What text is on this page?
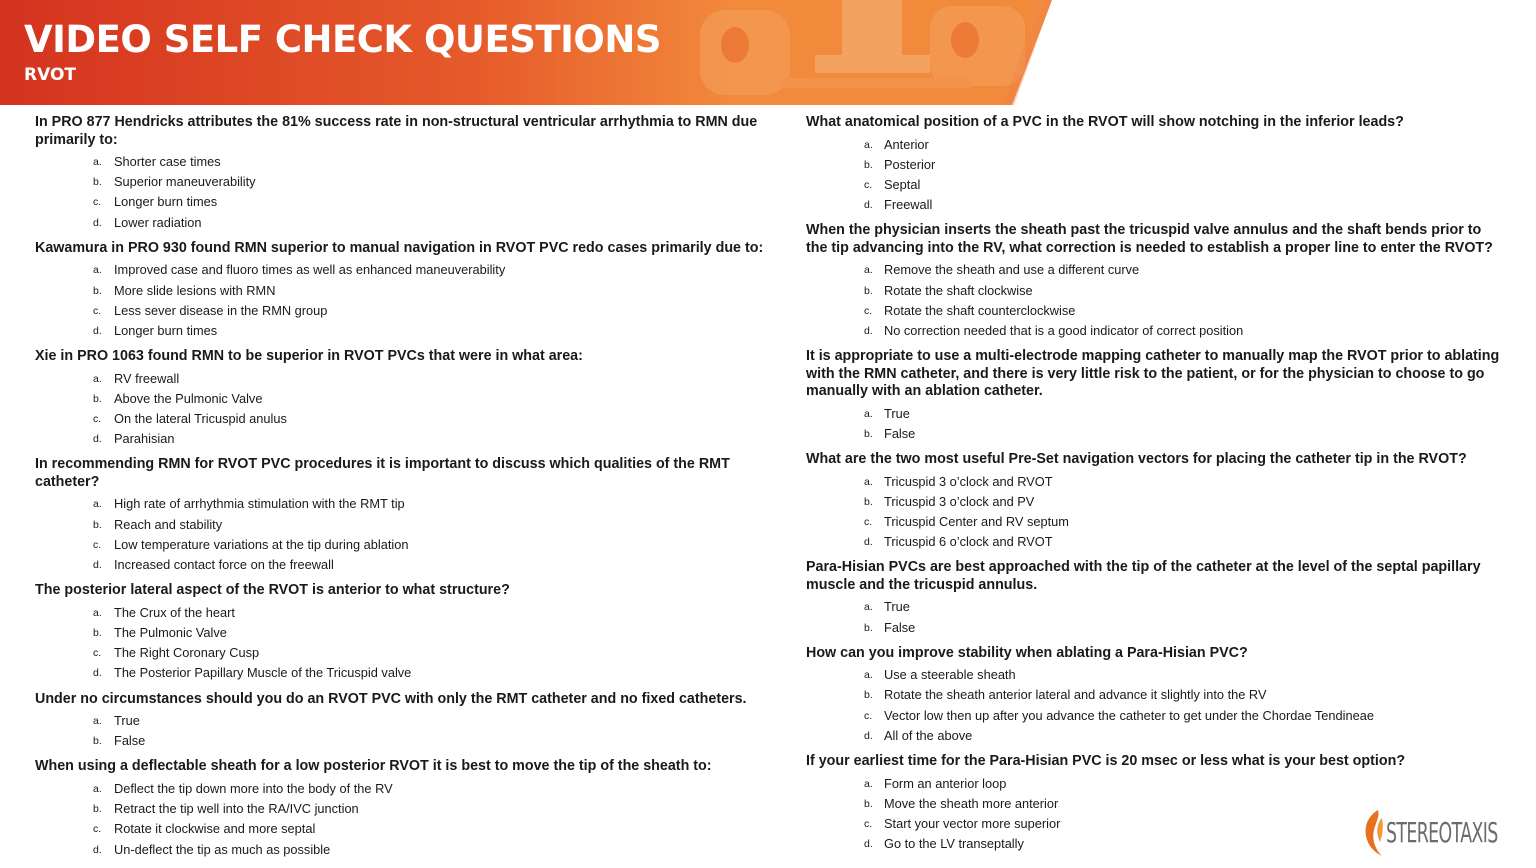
VIDEO SELF CHECK QUESTIONS
RVOT

In PRO 877 Hendricks attributes the 81% success rate in non-structural ventricular arrhythmia to RMN due primarily to:

a. Shorter case times
b. Superior maneuverability
c. Longer burn times
d. Lower radiation

Kawamura in PRO 930 found RMN superior to manual navigation in RVOT PVC redo cases primarily due to:

a. Improved case and fluoro times as well as enhanced maneuverability
b. More slide lesions with RMN
c. Less sever disease in the RMN group
d. Longer burn times

Xie in PRO 1063 found RMN to be superior in RVOT PVCs that were in what area:

a. RV freewall
b. Above the Pulmonic Valve
c. On the lateral Tricuspid anulus
d. Parahisian

In recommending RMN for RVOT PVC procedures it is important to discuss which qualities of the RMT catheter?

a. High rate of arrhythmia stimulation with the RMT tip
b. Reach and stability
c. Low temperature variations at the tip during ablation
d. Increased contact force on the freewall

The posterior lateral aspect of the RVOT is anterior to what structure?

a. The Crux of the heart
b. The Pulmonic Valve
c. The Right Coronary Cusp
d. The Posterior Papillary Muscle of the Tricuspid valve

Under no circumstances should you do an RVOT PVC with only the RMT catheter and no fixed catheters.

a. True
b. False

When using a deflectable sheath for a low posterior RVOT it is best to move the tip of the sheath to:

a. Deflect the tip down more into the body of the RV
b. Retract the tip well into the RA/IVC junction
c. Rotate it clockwise and more septal
d. Un-deflect the tip as much as possible

What anatomical position of a PVC in the RVOT will show notching in the inferior leads?

a. Anterior
b. Posterior
c. Septal
d. Freewall

When the physician inserts the sheath past the tricuspid valve annulus and the shaft bends prior to the tip advancing into the RV, what correction is needed to establish a proper line to enter the RVOT?

a. Remove the sheath and use a different curve
b. Rotate the shaft clockwise
c. Rotate the shaft counterclockwise
d. No correction needed that is a good indicator of correct position

It is appropriate to use a multi-electrode mapping catheter to manually map the RVOT prior to ablating with the RMN catheter, and there is very little risk to the patient, or for the physician to choose to go manually with an ablation catheter.

a. True
b. False

What are the two most useful Pre-Set navigation vectors for placing the catheter tip in the RVOT?

a. Tricuspid 3 o’clock and RVOT
b. Tricuspid 3 o’clock and PV
c. Tricuspid Center and RV septum
d. Tricuspid 6 o’clock and RVOT

Para-Hisian PVCs are best approached with the tip of the catheter at the level of the septal papillary muscle and the tricuspid annulus.

a. True
b. False

How can you improve stability when ablating a Para-Hisian PVC?

a. Use a steerable sheath
b. Rotate the sheath anterior lateral and advance it slightly into the RV
c. Vector low then up after you advance the catheter to get under the Chordae Tendineae
d. All of the above

If your earliest time for the Para-Hisian PVC is 20 msec or less what is your best option?

a. Form an anterior loop
b. Move the sheath more anterior
c. Start your vector more superior
d. Go to the LV transeptally	STEREOTAXIS
